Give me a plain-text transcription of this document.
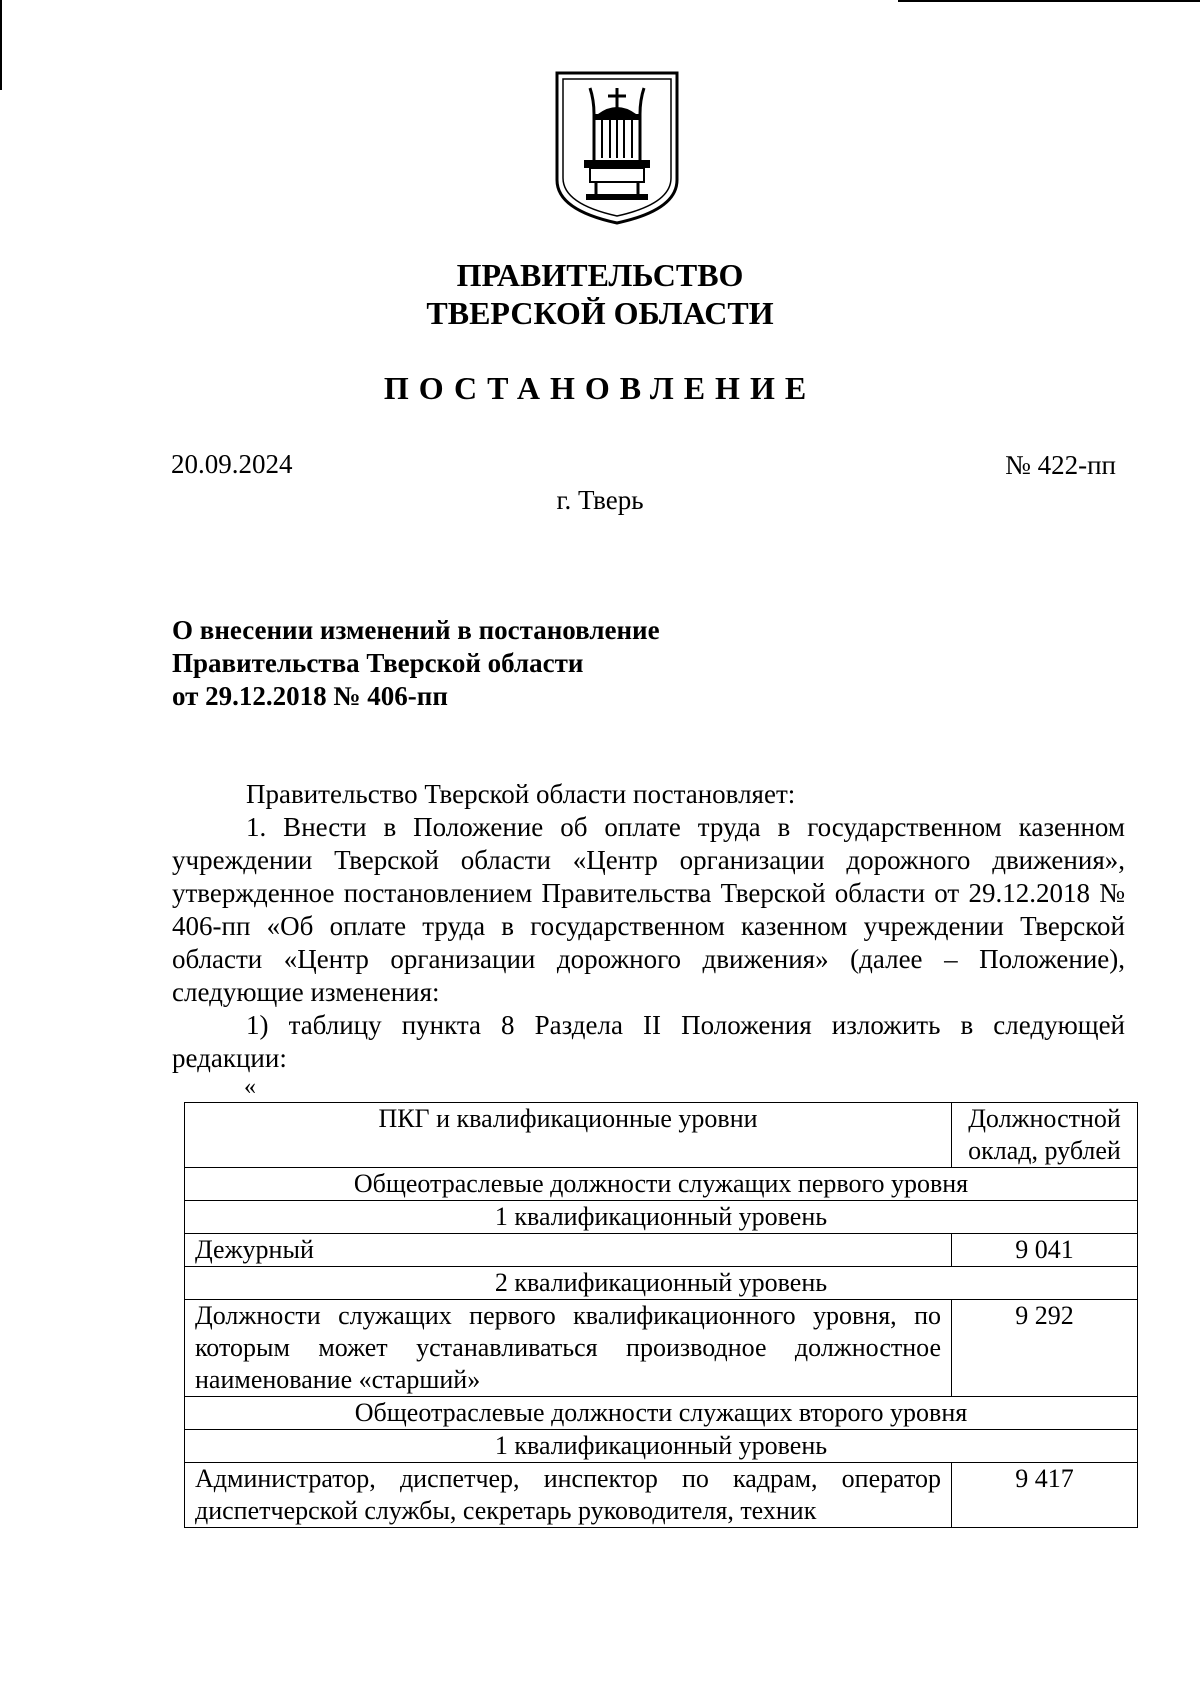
ПРАВИТЕЛЬСТВО
ТВЕРСКОЙ ОБЛАСТИ
ПОСТАНОВЛЕНИЕ
20.09.2024	№ 422-пп
г. Тверь
О внесении изменений в постановление
Правительства Тверской области
от 29.12.2018 № 406-пп

Правительство Тверской области постановляет:

1. Внести в Положение об оплате труда в государственном казенном учреждении Тверской области «Центр организации дорожного движения», утвержденное постановлением Правительства Тверской области от 29.12.2018 № 406-пп «Об оплате труда в государственном казенном учреждении Тверской области «Центр организации дорожного движения» (далее – Положение), следующие изменения:

1) таблицу пункта 8 Раздела II Положения изложить в следующей редакции:

«
ПКГ и квалификационные уровни	Должностной
оклад, рублей

Общеотраслевые должности служащих первого уровня	
1 квалификационный уровень	
Дежурный	9 041
2 квалификационный уровень	
Должности служащих первого квалификационного уровня, по которым может устанавливаться производное должностное наименование «старший»	9 292
Общеотраслевые должности служащих второго уровня	
1 квалификационный уровень	
Администратор, диспетчер, инспектор по кадрам, оператор диспетчерской службы, секретарь руководителя, техник	9 417
